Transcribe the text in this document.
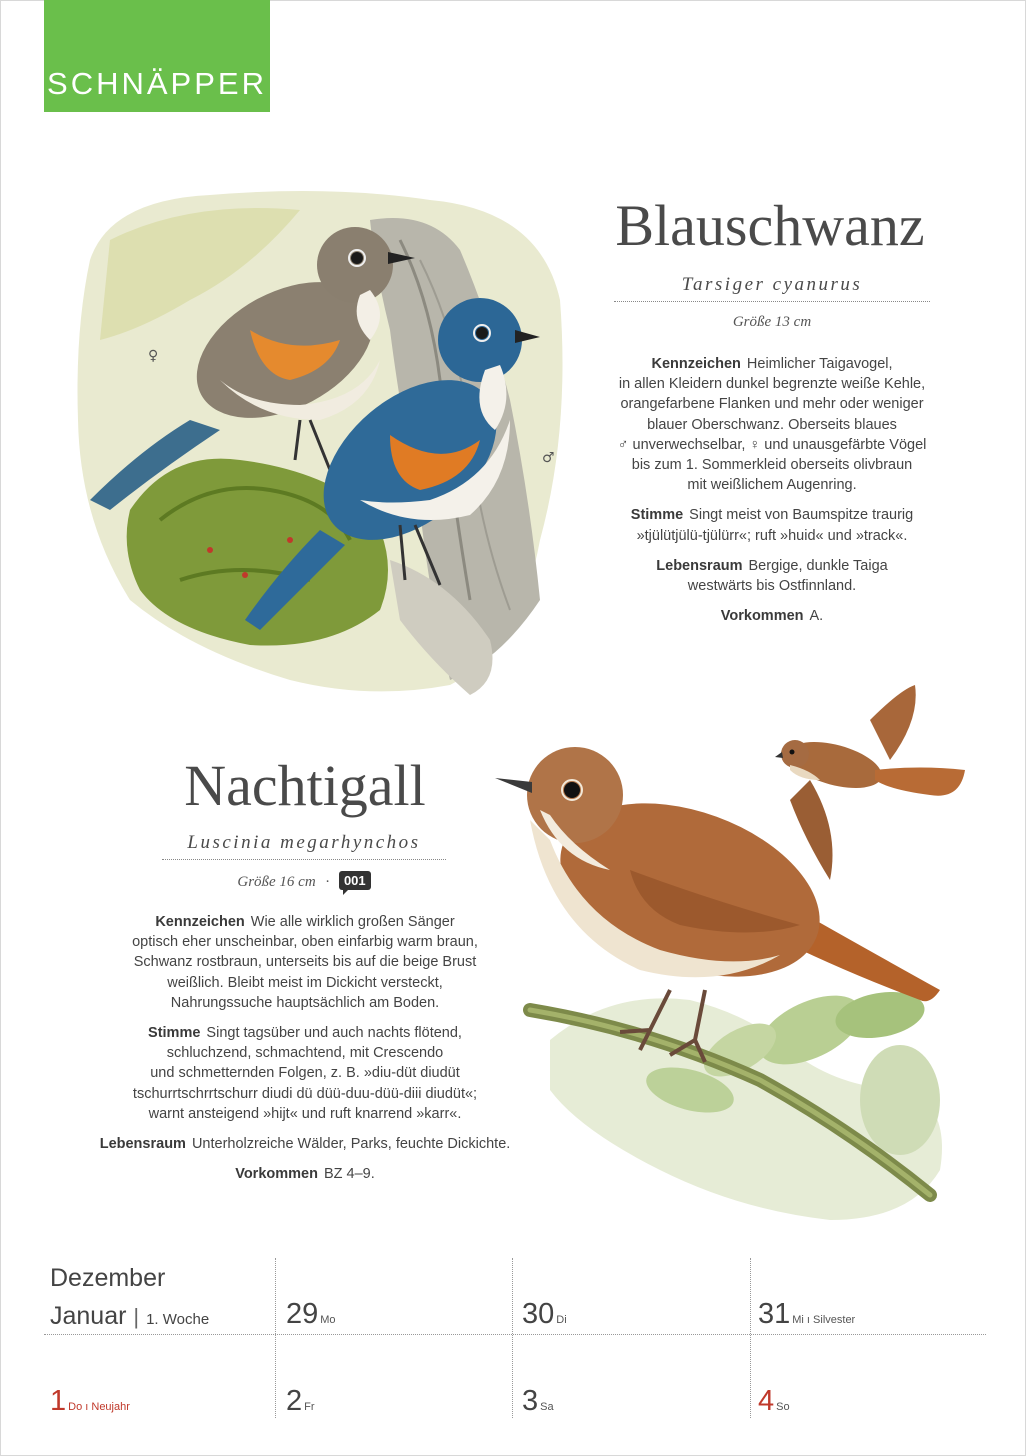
SCHNÄPPER
♀
♂
Blauschwanz
Tarsiger cyanurus
Größe 13 cm

Kennzeichen Heimlicher Taigavogel,
in allen Kleidern dunkel begrenzte weiße Kehle,
orangefarbene Flanken und mehr oder weniger
blauer Oberschwanz. Oberseits blaues
♂ unverwechselbar, ♀ und unausgefärbte Vögel
bis zum 1. Sommerkleid oberseits olivbraun
mit weißlichem Augenring.

Stimme Singt meist von Baumspitze traurig
»tjülütjülü-tjülürr«; ruft »huid« und »track«.

Lebensraum Bergige, dunkle Taiga
westwärts bis Ostfinnland.

Vorkommen A.

Nachtigall
Luscinia megarhynchos
Größe 16 cm · 001

Kennzeichen Wie alle wirklich großen Sänger
optisch eher unscheinbar, oben einfarbig warm braun,
Schwanz rostbraun, unterseits bis auf die beige Brust
weißlich. Bleibt meist im Dickicht versteckt,
Nahrungssuche hauptsächlich am Boden.

Stimme Singt tagsüber und auch nachts flötend,
schluchzend, schmachtend, mit Crescendo
und schmetternden Folgen, z. B. »diu-düt diudüt
tschurrtschrrtschurr diudi dü düü-duu-düü-diii diudüt«;
warnt ansteigend »hijt« und ruft knarrend »karr«.

Lebensraum Unterholzreiche Wälder, Parks, feuchte Dickichte.

Vorkommen BZ 4–9.

Dezember
Januar | 1. Woche	29 Mo	30 Di	31 Mi ı Silvester
1 Do ı Neujahr	2 Fr	3 Sa	4 So
